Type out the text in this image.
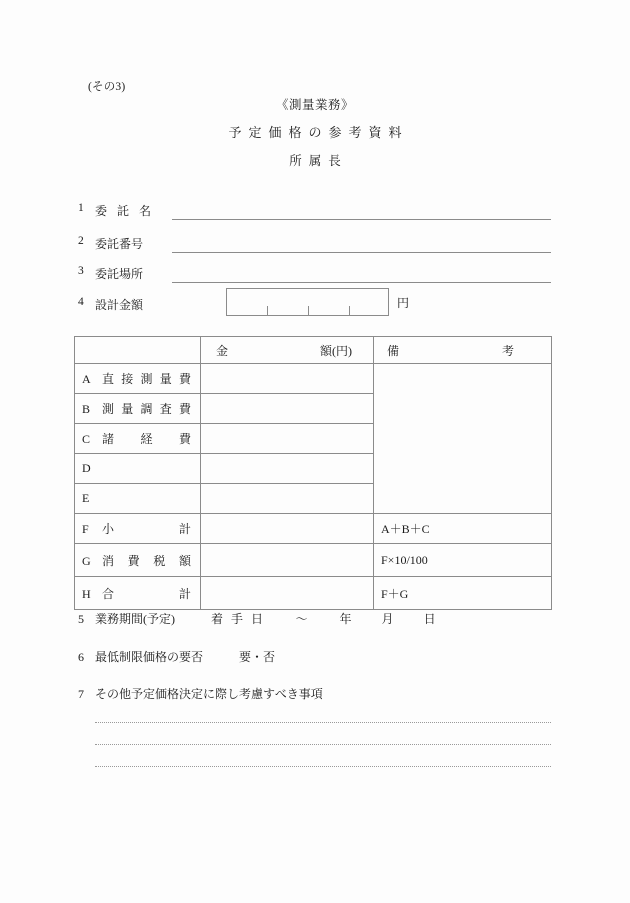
(その3)
《測量業務》
予定価格の参考資料
所属長
1 委 託 名
2 委託番号
3 委託場所
4 設計金額	円

	金 額(円)	備 考

A 直 接 測 量 費

B 測 量 調 査 費

C 諸 経 費		

D		

E		

F 小 計		A＋B＋C

G 消 費 税 額		F×10/100

H 合 計		F＋G
5 業務期間(予定)	着 手 日	～	年	月	日
6 最低制限価格の要否	要・否
7 その他予定価格決定に際し考慮すべき事項
